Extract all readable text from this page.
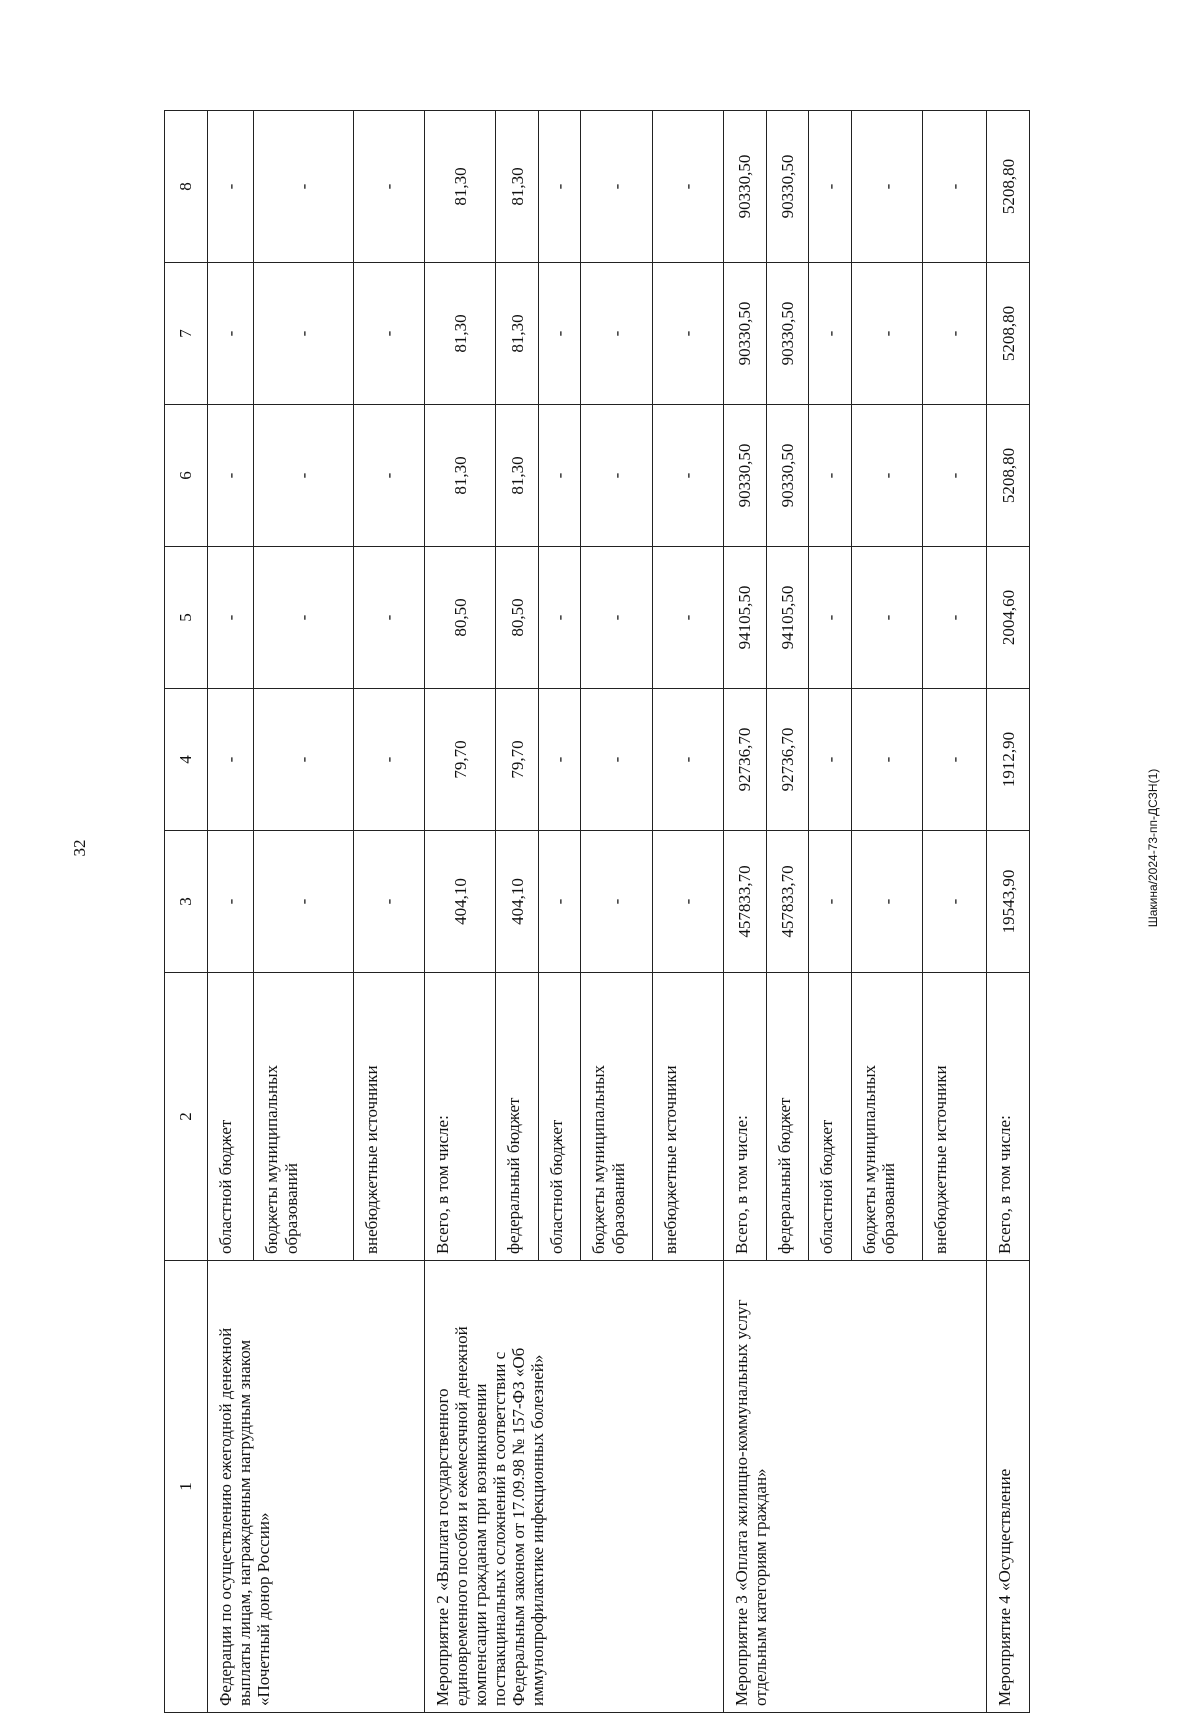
32	Шакина/2024-73-пп-ДСЗН(1)
1	2	3	4	5	6	7	8
Федерации по осуществлению ежегодной денежной выплаты лицам, награжденным нагрудным знаком «Почетный донор России»	областной бюджет	-	-	-	-	-	-
	бюджеты муниципальных образований	-	-	-	-	-	-
	внебюджетные источники	-	-	-	-	-	-
Мероприятие 2 «Выплата государственного единовременного пособия и ежемесячной денежной компенсации гражданам при возникновении поствакцинальных осложнений в соответствии с Федеральным законом от 17.09.98 № 157-ФЗ «Об иммунопрофилактике инфекционных болезней»	Всего, в том числе:	404,10	79,70	80,50	81,30	81,30	81,30
	федеральный бюджет	404,10	79,70	80,50	81,30	81,30	81,30
	областной бюджет	-	-	-	-	-	-
	бюджеты муниципальных образований	-	-	-	-	-	-
	внебюджетные источники	-	-	-	-	-	-
Мероприятие 3 «Оплата жилищно-коммунальных услуг отдельным категориям граждан»	Всего, в том числе:	457833,70	92736,70	94105,50	90330,50	90330,50	90330,50
	федеральный бюджет	457833,70	92736,70	94105,50	90330,50	90330,50	90330,50
	областной бюджет	-	-	-	-	-	-
	бюджеты муниципальных образований	-	-	-	-	-	-
	внебюджетные источники	-	-	-	-	-	-
Мероприятие 4 «Осуществление	Всего, в том числе:	19543,90	1912,90	2004,60	5208,80	5208,80	5208,80
